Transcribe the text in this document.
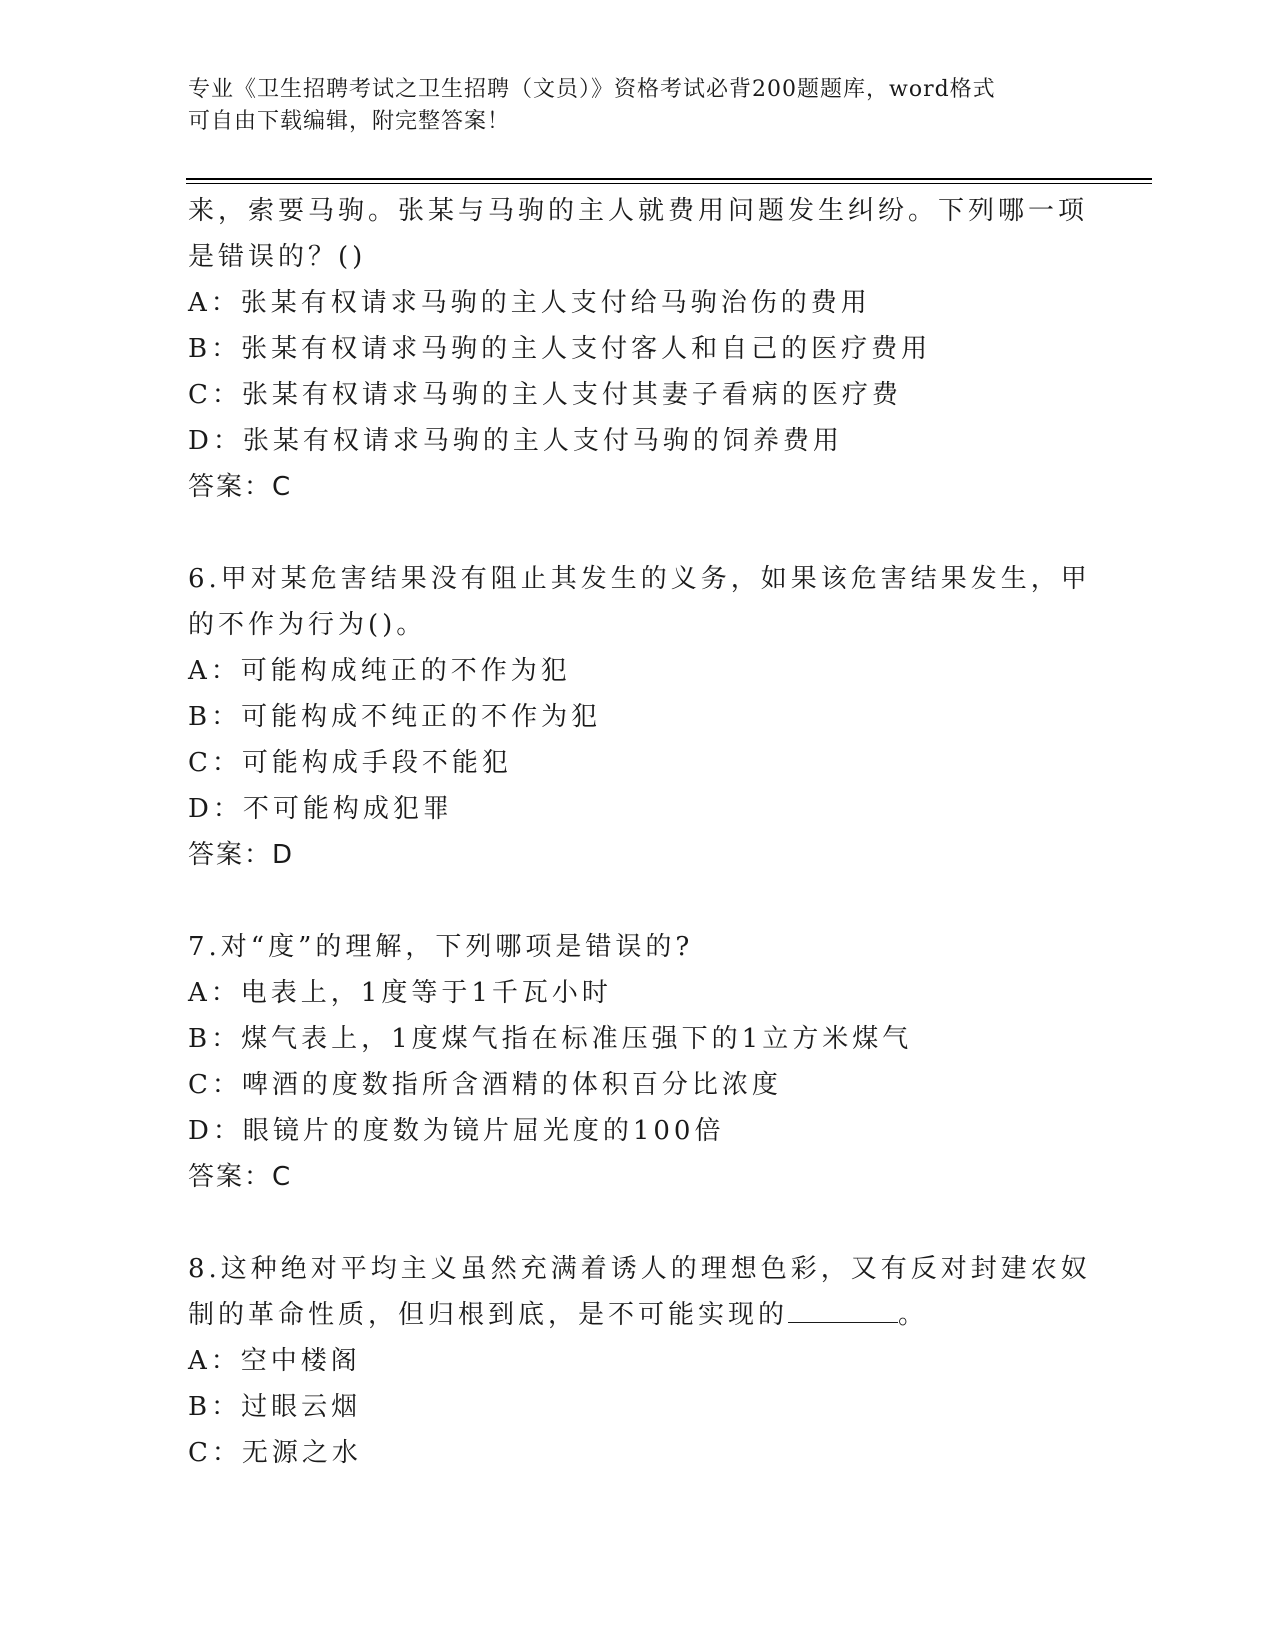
专业《卫生招聘考试之卫生招聘（文员）》资格考试必背200题题库，word格式
可自由下载编辑，附完整答案！
来，索要马驹。张某与马驹的主人就费用问题发生纠纷。下列哪一项
是错误的？()
A：张某有权请求马驹的主人支付给马驹治伤的费用
B：张某有权请求马驹的主人支付客人和自己的医疗费用
C：张某有权请求马驹的主人支付其妻子看病的医疗费
D：张某有权请求马驹的主人支付马驹的饲养费用
答案：C
6.甲对某危害结果没有阻止其发生的义务，如果该危害结果发生，甲
的不作为行为()。
A：可能构成纯正的不作为犯
B：可能构成不纯正的不作为犯
C：可能构成手段不能犯
D：不可能构成犯罪
答案：D
7.对“度”的理解，下列哪项是错误的?
A：电表上，1度等于1千瓦小时
B：煤气表上，1度煤气指在标准压强下的1立方米煤气
C：啤酒的度数指所含酒精的体积百分比浓度
D：眼镜片的度数为镜片屈光度的100倍
答案：C
8.这种绝对平均主义虽然充满着诱人的理想色彩，又有反对封建农奴
制的革命性质，但归根到底，是不可能实现的	。
A：空中楼阁
B：过眼云烟
C：无源之水
